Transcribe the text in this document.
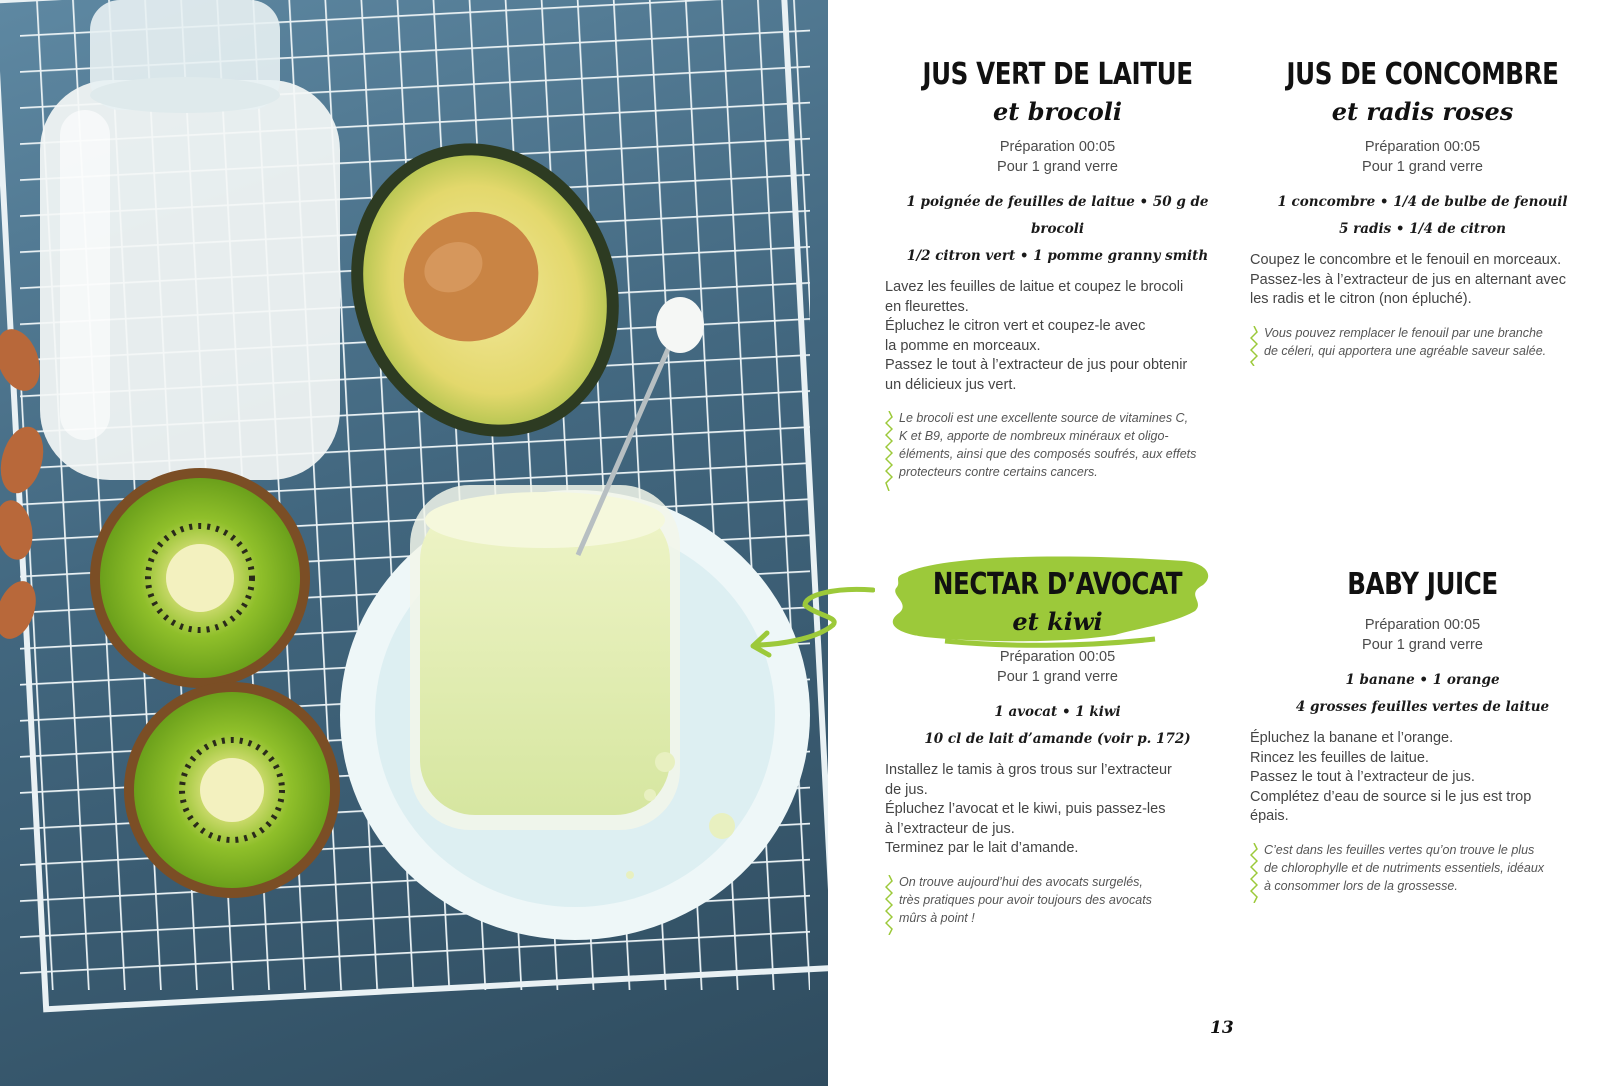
JUS VERT DE LAITUE
et brocoli
Préparation 00:05
Pour 1 grand verre
1 poignée de feuilles de laitue • 50 g de brocoli
1/2 citron vert • 1 pomme granny smith

Lavez les feuilles de laitue et coupez le brocoli

en fleurettes.

Épluchez le citron vert et coupez-le avec

la pomme en morceaux.

Passez le tout à l’extracteur de jus pour obtenir

un délicieux jus vert.

Le brocoli est une excellente source de vitamines C,
K et B9, apporte de nombreux minéraux et oligo-
éléments, ainsi que des composés soufrés, aux effets
protecteurs contre certains cancers.
JUS DE CONCOMBRE
et radis roses
Préparation 00:05
Pour 1 grand verre
1 concombre • 1/4 de bulbe de fenouil
5 radis • 1/4 de citron

Coupez le concombre et le fenouil en morceaux.

Passez-les à l’extracteur de jus en alternant avec

les radis et le citron (non épluché).

Vous pouvez remplacer le fenouil par une branche
de céleri, qui apportera une agréable saveur salée.
NECTAR D’AVOCAT
et kiwi
Préparation 00:05
Pour 1 grand verre
1 avocat • 1 kiwi
10 cl de lait d’amande (voir p. 172)

Installez le tamis à gros trous sur l’extracteur

de jus.

Épluchez l’avocat et le kiwi, puis passez-les

à l’extracteur de jus.

Terminez par le lait d’amande.

On trouve aujourd’hui des avocats surgelés,
très pratiques pour avoir toujours des avocats
mûrs à point !
BABY JUICE
Préparation 00:05
Pour 1 grand verre
1 banane • 1 orange
4 grosses feuilles vertes de laitue

Épluchez la banane et l’orange.

Rincez les feuilles de laitue.

Passez le tout à l’extracteur de jus.

Complétez d’eau de source si le jus est trop

épais.

C’est dans les feuilles vertes qu’on trouve le plus
de chlorophylle et de nutriments essentiels, idéaux
à consommer lors de la grossesse.
13
